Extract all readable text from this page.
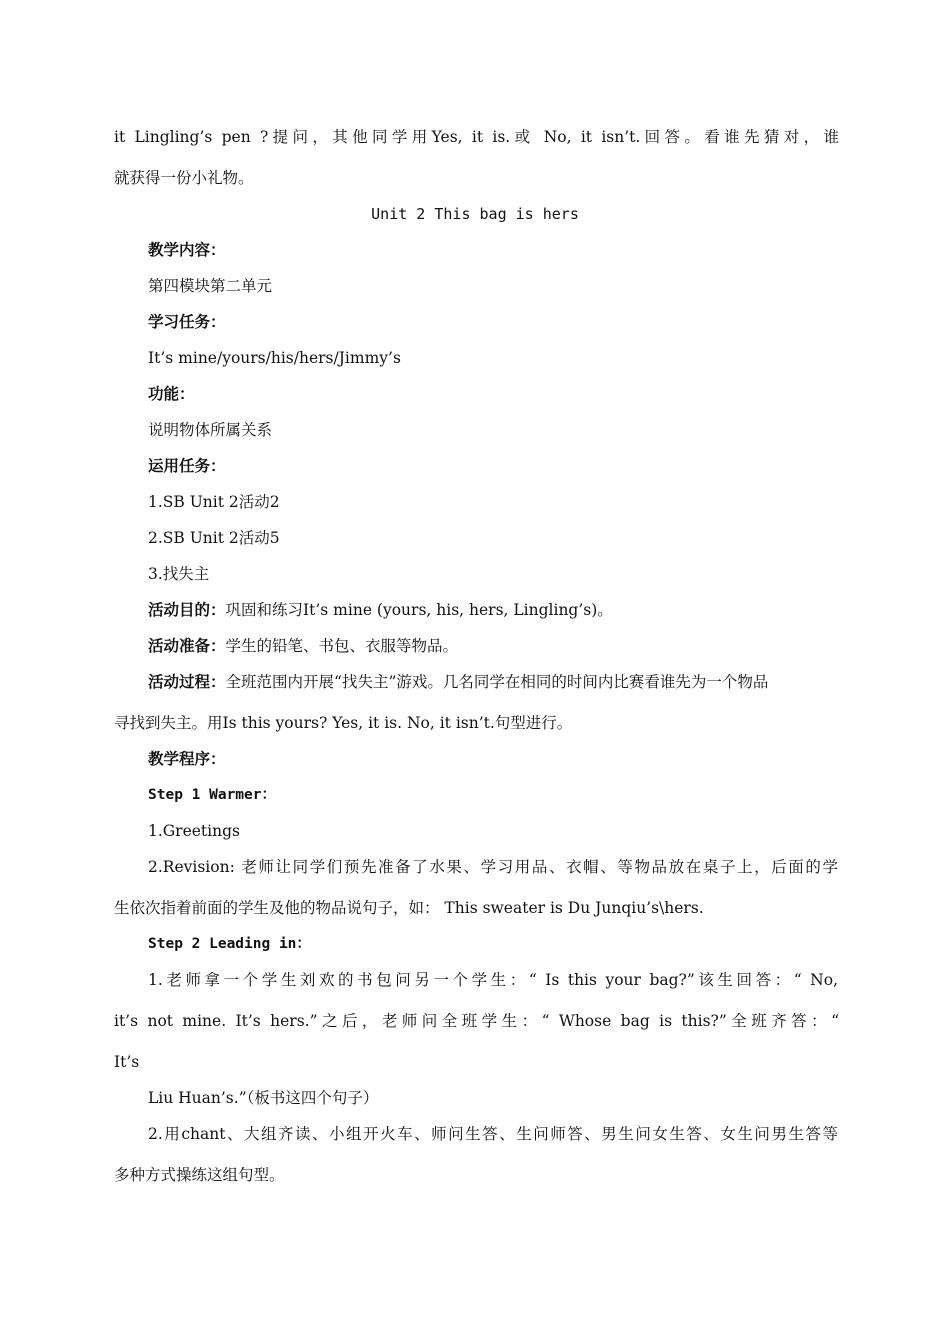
it Lingling’s pen ?提问，其他同学用Yes, it is.或 No, it isn’t.回答。看谁先猜对，谁
就获得一份小礼物。
Unit 2 This bag is hers
教学内容：
第四模块第二单元
学习任务：
It’s mine/yours/his/hers/Jimmy’s
功能：
说明物体所属关系
运用任务：
1.SB Unit 2活动2
2.SB Unit 2活动5
3.找失主
活动目的：巩固和练习It’s mine (yours, his, hers, Lingling’s)。
活动准备：学生的铅笔、书包、衣服等物品。
活动过程：全班范围内开展“找失主”游戏。几名同学在相同的时间内比赛看谁先为一个物品
寻找到失主。用Is this yours? Yes, it is. No, it isn’t.句型进行。
教学程序：
Step 1 Warmer：
1.Greetings
2.Revision: 老师让同学们预先准备了水果、学习用品、衣帽、等物品放在桌子上，后面的学
生依次指着前面的学生及他的物品说句子，如： This sweater is Du Junqiu’s\hers.
Step 2 Leading in：
1.老师拿一个学生刘欢的书包问另一个学生：“ Is this your bag?”该生回答：“ No,
it’s not mine. It’s hers.”之后，老师问全班学生：“ Whose bag is this?”全班齐答：“
It’s
Liu Huan’s.”（板书这四个句子）
2.用chant、大组齐读、小组开火车、师问生答、生问师答、男生问女生答、女生问男生答等
多种方式操练这组句型。
